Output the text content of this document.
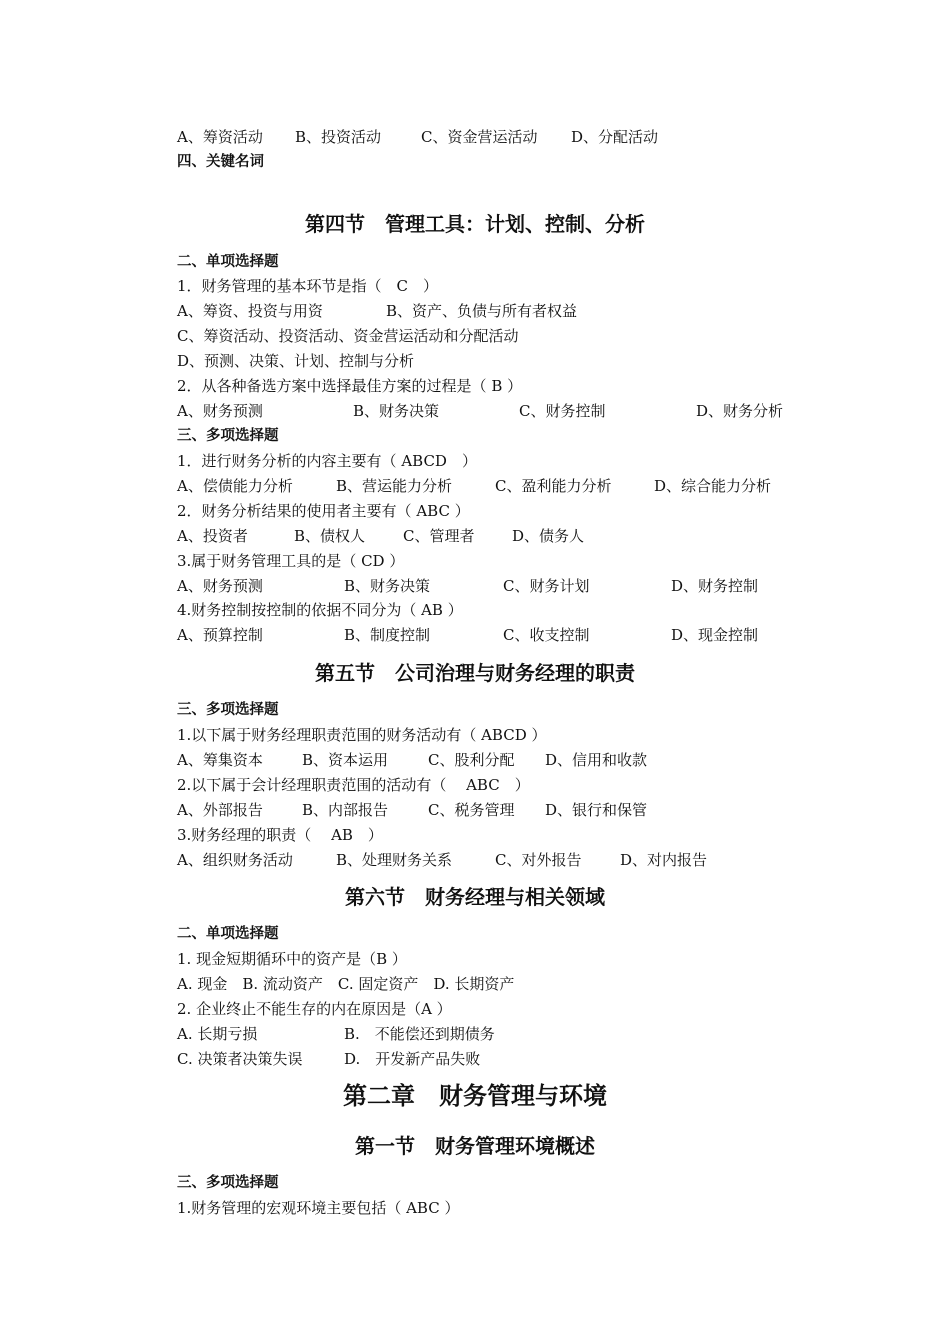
A、筹资活动 B、投资活动	C、资金营运活动 D、分配活动
四、关键名词
第四节　管理工具：计划、控制、分析
二、单项选择题
1．财务管理的基本环节是指（　C　）
A、筹资、投资与用资	B、资产、负债与所有者权益
C、筹资活动、投资活动、资金营运活动和分配活动
D、预测、决策、计划、控制与分析
2．从各种备选方案中选择最佳方案的过程是（ B ）
A、财务预测	B、财务决策	C、财务控制	D、财务分析
三、多项选择题
1．进行财务分析的内容主要有（ ABCD　）
A、偿债能力分析	B、营运能力分析	C、盈利能力分析	D、综合能力分析
2．财务分析结果的使用者主要有（ ABC ）
A、投资者	B、债权人	C、管理者	D、债务人
3.属于财务管理工具的是（ CD ）
A、财务预测	B、财务决策	C、财务计划	D、财务控制
4.财务控制按控制的依据不同分为（ AB ）
A、预算控制	B、制度控制	C、收支控制	D、现金控制
第五节　公司治理与财务经理的职责
三、多项选择题
1.以下属于财务经理职责范围的财务活动有（ ABCD ）
A、筹集资本	B、资本运用	C、股利分配 D、信用和收款
2.以下属于会计经理职责范围的活动有（　 ABC　）
A、外部报告	B、内部报告	C、税务管理 D、银行和保管
3.财务经理的职责（　 AB　）
A、组织财务活动	B、处理财务关系	C、对外报告	D、对内报告
第六节　财务经理与相关领域
二、单项选择题
1. 现金短期循环中的资产是（B ）
A. 现金　B. 流动资产　C. 固定资产　D. 长期资产
2. 企业终止不能生存的内在原因是（A ）
A. 长期亏损	B.　不能偿还到期债务
C. 决策者决策失误	D.　开发新产品失败
第二章　财务管理与环境
第一节　财务管理环境概述
三、多项选择题
1.财务管理的宏观环境主要包括（ ABC ）
